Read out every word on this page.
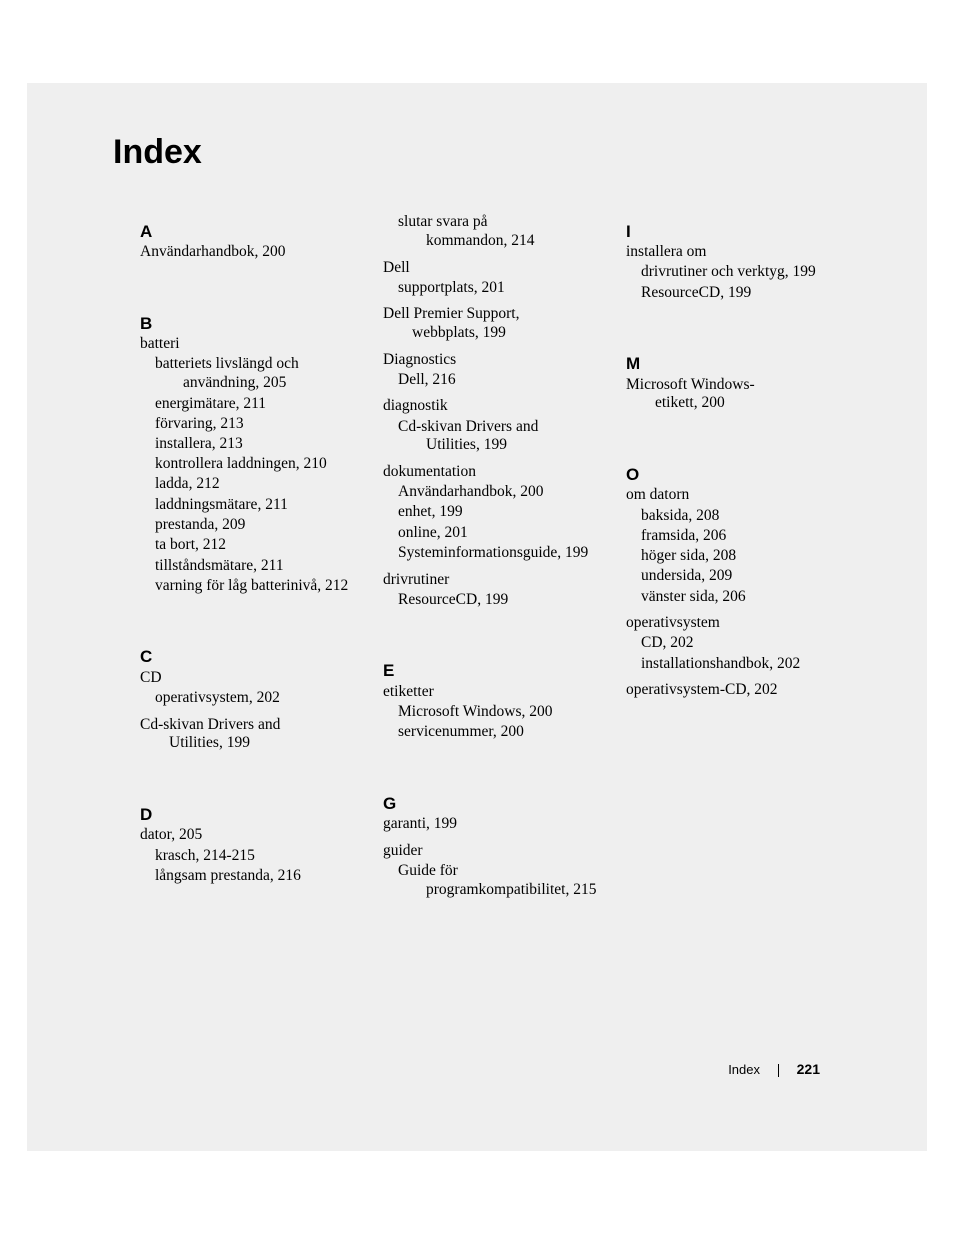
Index
A
Användarhandbok, 200
B
batteri
batteriets livslängd och
användning, 205
energimätare, 211
förvaring, 213
installera, 213
kontrollera laddningen, 210
ladda, 212
laddningsmätare, 211
prestanda, 209
ta bort, 212
tillståndsmätare, 211
varning för låg batterinivå, 212
C
CD
operativsystem, 202
Cd-skivan Drivers and
Utilities, 199
D
dator, 205
krasch, 214-215
långsam prestanda, 216
slutar svara på
kommandon, 214
Dell
supportplats, 201
Dell Premier Support,
webbplats, 199
Diagnostics
Dell, 216
diagnostik
Cd-skivan Drivers and
Utilities, 199
dokumentation
Användarhandbok, 200
enhet, 199
online, 201
Systeminformationsguide, 199
drivrutiner
ResourceCD, 199
E
etiketter
Microsoft Windows, 200
servicenummer, 200
G
garanti, 199
guider
Guide för
programkompatibilitet, 215
I
installera om
drivrutiner och verktyg, 199
ResourceCD, 199
M
Microsoft Windows-
etikett, 200
O
om datorn
baksida, 208
framsida, 206
höger sida, 208
undersida, 209
vänster sida, 206
operativsystem
CD, 202
installationshandbok, 202
operativsystem-CD, 202
Index	221
